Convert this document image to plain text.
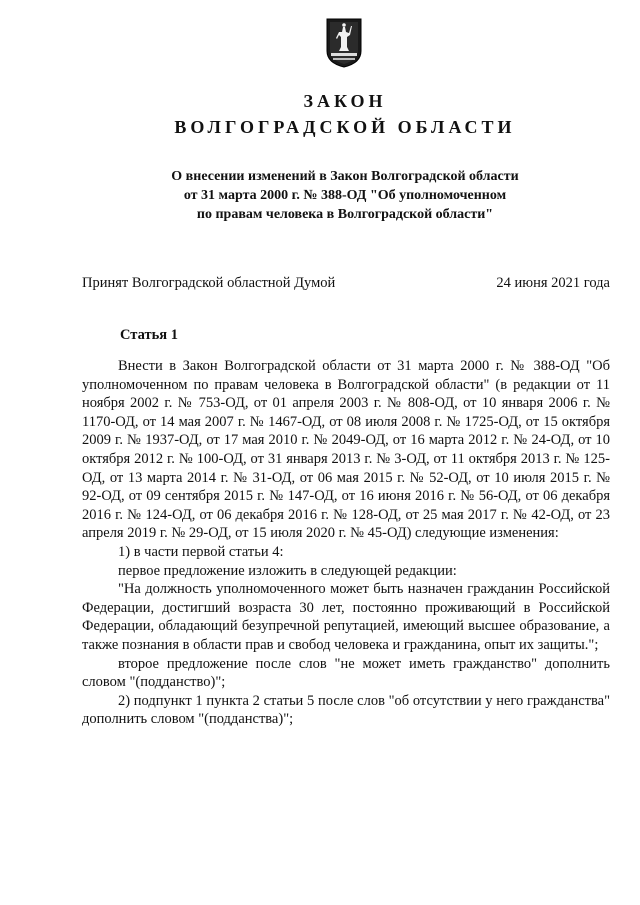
ЗАКОН
ВОЛГОГРАДСКОЙ ОБЛАСТИ
О внесении изменений в Закон Волгоградской области
от 31 марта 2000 г. № 388-ОД "Об уполномоченном
по правам человека в Волгоградской области"
Принят Волгоградской областной Думой	24 июня 2021 года
Статья 1

Внести в Закон Волгоградской области от 31 марта 2000 г. № 388-ОД "Об уполномоченном по правам человека в Волгоградской области" (в редакции от 11 ноября 2002 г. № 753-ОД, от 01 апреля 2003 г. № 808-ОД, от 10 января 2006 г. № 1170-ОД, от 14 мая 2007 г. № 1467-ОД, от 08 июля 2008 г. № 1725-ОД, от 15 октября 2009 г. № 1937-ОД, от 17 мая 2010 г. № 2049-ОД, от 16 марта 2012 г. № 24-ОД, от 10 октября 2012 г. № 100-ОД, от 31 января 2013 г. № 3-ОД, от 11 октября 2013 г. № 125-ОД, от 13 марта 2014 г. № 31-ОД, от 06 мая 2015 г. № 52-ОД, от 10 июля 2015 г. № 92-ОД, от 09 сентября 2015 г. № 147-ОД, от 16 июня 2016 г. № 56-ОД, от 06 декабря 2016 г. № 124-ОД, от 06 декабря 2016 г. № 128-ОД, от 25 мая 2017 г. № 42-ОД, от 23 апреля 2019 г. № 29-ОД, от 15 июля 2020 г. № 45-ОД) следующие изменения:

1) в части первой статьи 4:

первое предложение изложить в следующей редакции:

"На должность уполномоченного может быть назначен гражданин Российской Федерации, достигший возраста 30 лет, постоянно проживающий в Российской Федерации, обладающий безупречной репутацией, имеющий высшее образование, а также познания в области прав и свобод человека и гражданина, опыт их защиты.";

второе предложение после слов "не может иметь гражданство" дополнить словом "(подданство)";

2) подпункт 1 пункта 2 статьи 5 после слов "об отсутствии у него гражданства" дополнить словом "(подданства)";
